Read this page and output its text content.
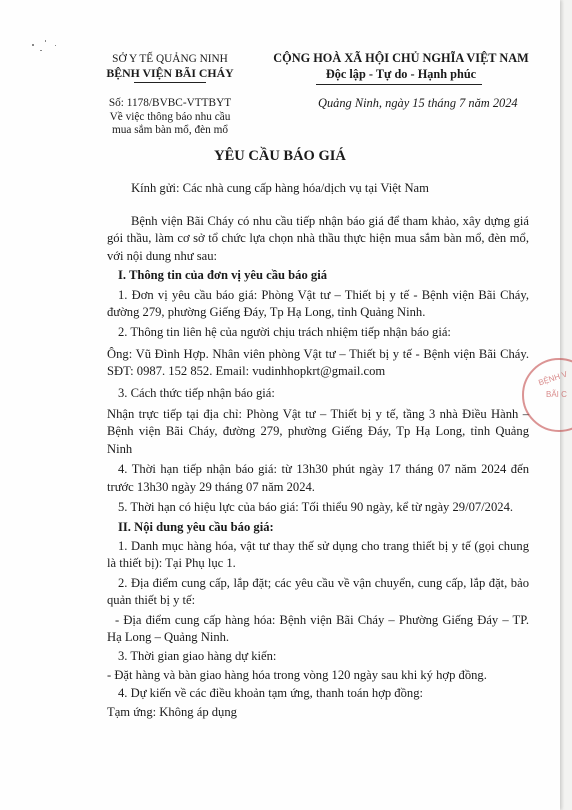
SỞ Y TẾ QUẢNG NINH
BỆNH VIỆN BÃI CHÁY
Số: 1178/BVBC-VTTBYT
Về việc thông báo nhu cầu
mua sắm bàn mổ, đèn mổ
CỘNG HOÀ XÃ HỘI CHỦ NGHĨA VIỆT NAM
Độc lập - Tự do - Hạnh phúc
Quảng Ninh, ngày 15 tháng 7 năm 2024
YÊU CẦU BÁO GIÁ
Kính gửi: Các nhà cung cấp hàng hóa/dịch vụ tại Việt Nam

Bệnh viện Bãi Cháy có nhu cầu tiếp nhận báo giá để tham khảo, xây dựng giá gói thầu, làm cơ sở tổ chức lựa chọn nhà thầu thực hiện mua sắm bàn mổ, đèn mổ, với nội dung như sau:

I. Thông tin của đơn vị yêu cầu báo giá

1. Đơn vị yêu cầu báo giá: Phòng Vật tư – Thiết bị y tế - Bệnh viện Bãi Cháy, đường 279, phường Giếng Đáy, Tp Hạ Long, tỉnh Quảng Ninh.

2. Thông tin liên hệ của người chịu trách nhiệm tiếp nhận báo giá:

Ông: Vũ Đình Hợp. Nhân viên phòng Vật tư – Thiết bị y tế - Bệnh viện Bãi Cháy. SĐT: 0987. 152 852. Email: vudinhhopkrt@gmail.com

3. Cách thức tiếp nhận báo giá:

Nhận trực tiếp tại địa chỉ: Phòng Vật tư – Thiết bị y tế, tầng 3 nhà Điều Hành – Bệnh viện Bãi Cháy, đường 279, phường Giếng Đáy, Tp Hạ Long, tỉnh Quảng Ninh

4. Thời hạn tiếp nhận báo giá: từ 13h30 phút ngày 17 tháng 07 năm 2024 đến trước 13h30 ngày 29 tháng 07 năm 2024.

5. Thời hạn có hiệu lực của báo giá: Tối thiểu 90 ngày, kể từ ngày 29/07/2024.

II. Nội dung yêu cầu báo giá:

1. Danh mục hàng hóa, vật tư thay thế sử dụng cho trang thiết bị y tế (gọi chung là thiết bị): Tại Phụ lục 1.

2. Địa điểm cung cấp, lắp đặt; các yêu cầu về vận chuyển, cung cấp, lắp đặt, bảo quản thiết bị y tế:

- Địa điểm cung cấp hàng hóa: Bệnh viện Bãi Cháy – Phường Giếng Đáy – TP. Hạ Long – Quảng Ninh.

3. Thời gian giao hàng dự kiến:

- Đặt hàng và bàn giao hàng hóa trong vòng 120 ngày sau khi ký hợp đồng.

4. Dự kiến về các điều khoản tạm ứng, thanh toán hợp đồng:

Tạm ứng: Không áp dụng

BỆNH V
BÃI C
